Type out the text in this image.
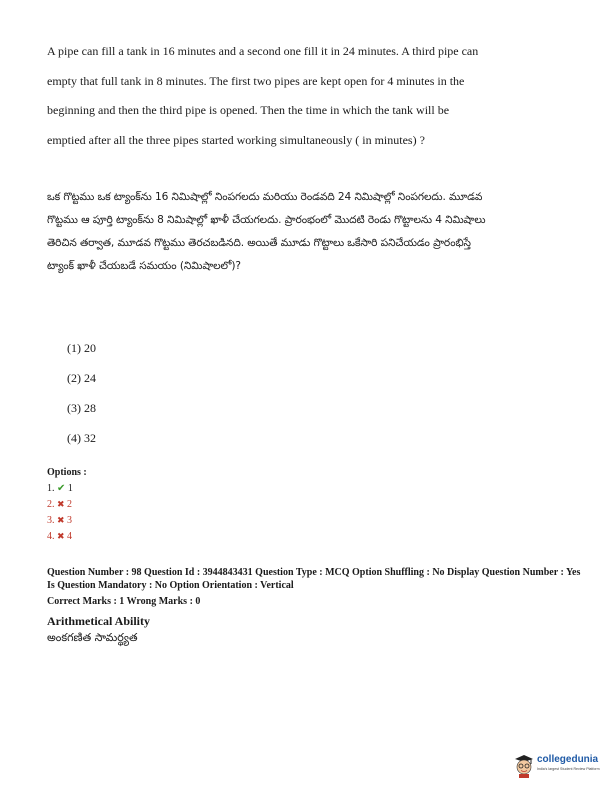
A pipe can fill a tank in 16 minutes and a second one fill it in 24 minutes. A third pipe can empty that full tank in 8 minutes. The first two pipes are kept open for 4 minutes in the beginning and then the third pipe is opened. Then the time in which the tank will be emptied after all the three pipes started working simultaneously ( in minutes) ?

ఒక గొట్టము ఒక ట్యాంక్‌ను 16 నిమిషాల్లో నింపగలదు మరియు రెండవది 24 నిమిషాల్లో నింపగలదు. మూడవ గొట్టము ఆ పూర్తి ట్యాంక్‌ను 8 నిమిషాల్లో ఖాళీ చేయగలదు. ప్రారంభంలో మొదటి రెండు గొట్టాలను 4 నిమిషాలు తెరిచిన తర్వాత, మూడవ గొట్టము తెరచబడినది. అయితే మూడు గొట్టాలు ఒకేసారి పనిచేయడం ప్రారంభిస్తే ట్యాంక్ ఖాళీ చేయబడే సమయం (నిమిషాలలో)?

(1) 20
(2) 24
(3) 28
(4) 32
Options :
1. ✔ 1
2. ✖ 2
3. ✖ 3
4. ✖ 4

Question Number : 98 Question Id : 3944843431 Question Type : MCQ Option Shuffling : No Display Question Number : Yes Is Question Mandatory : No Option Orientation : Vertical

Correct Marks : 1 Wrong Marks : 0
Arithmetical Ability
అంకగణిత సామర్థ్యత
collegedunia
India's largest Student Review Platform
